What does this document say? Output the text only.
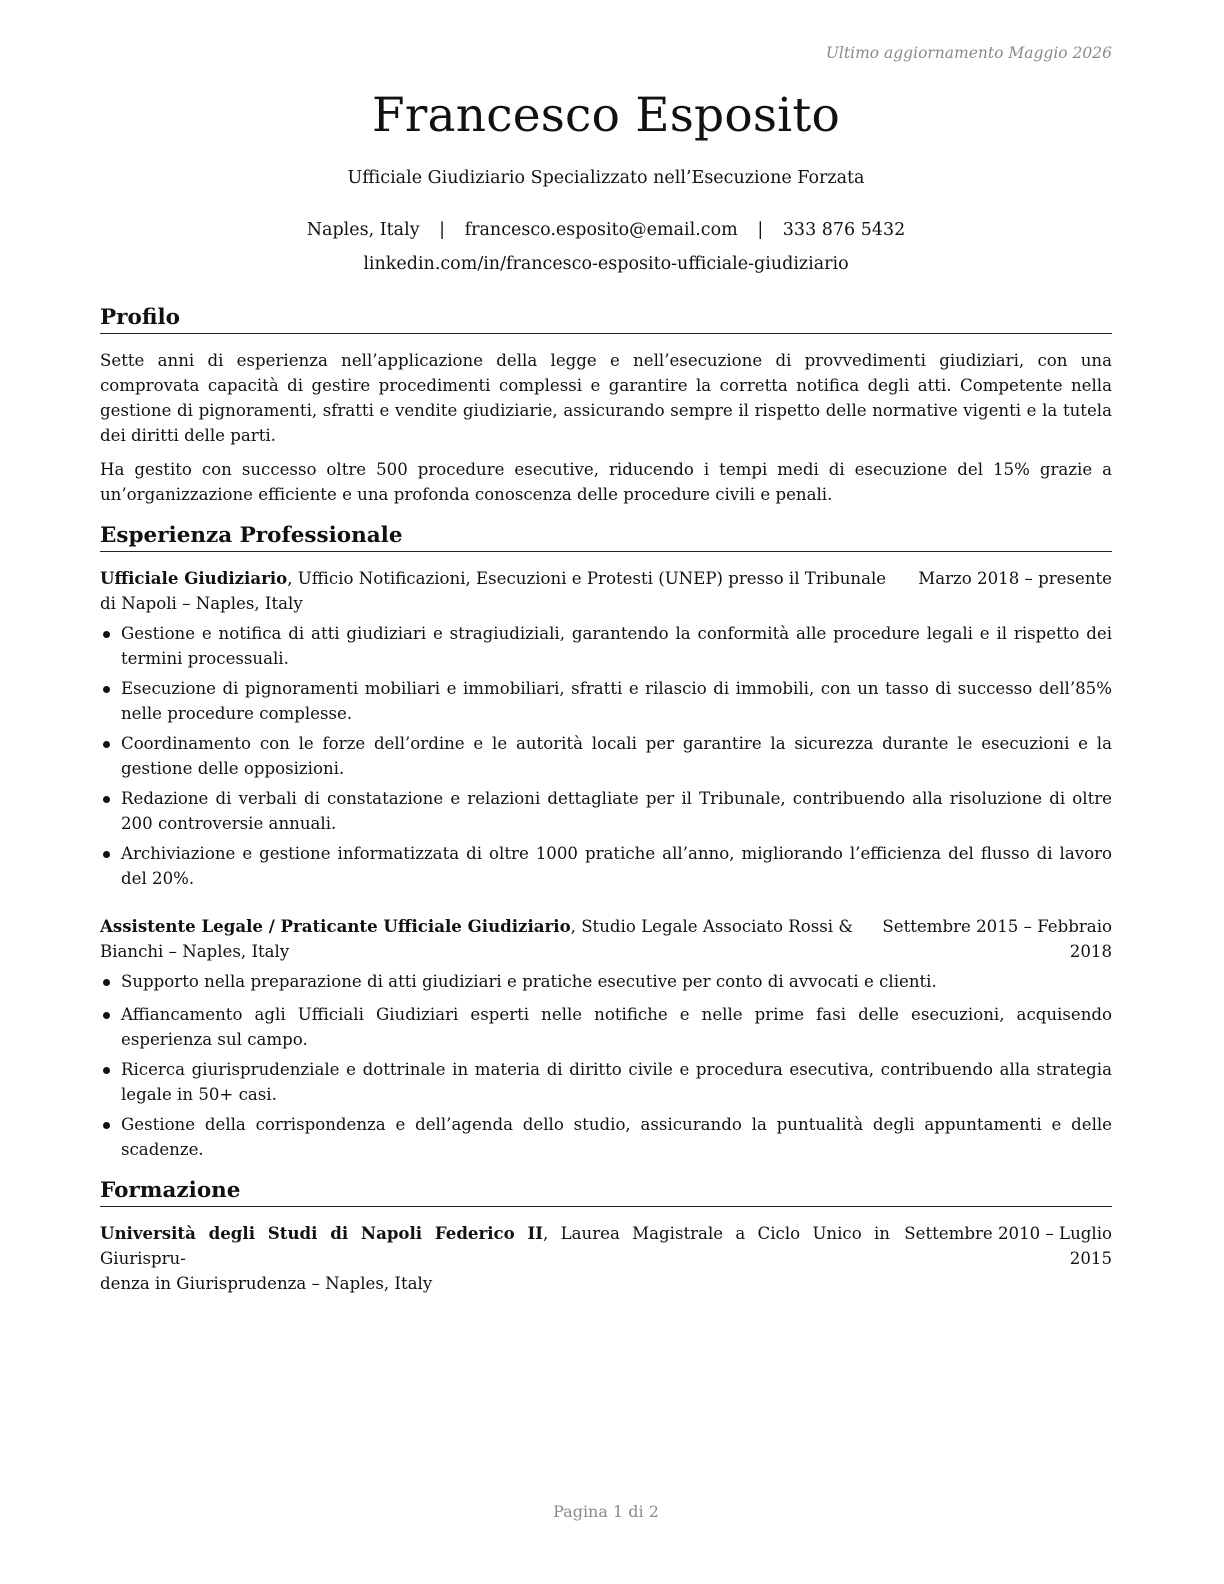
Ultimo aggiornamento Maggio 2026
Francesco Esposito
Ufficiale Giudiziario Specializzato nell’Esecuzione Forzata
Naples, Italy | francesco.esposito@email.com | 333 876 5432
linkedin.com/in/francesco-esposito-ufficiale-giudiziario
Profilo

Sette anni di esperienza nell’applicazione della legge e nell’esecuzione di provvedimenti giudiziari, con una comprovata capacità di gestire procedimenti complessi e garantire la corretta notifica degli atti. Competente nella gestione di pignoramenti, sfratti e vendite giudiziarie, assicurando sempre il rispetto delle normative vigenti e la tutela dei diritti delle parti.

Ha gestito con successo oltre 500 procedure esecutive, riducendo i tempi medi di esecuzione del 15% grazie a un’organizzazione efficiente e una profonda conoscenza delle procedure civili e penali.

Esperienza Professionale
Ufficiale Giudiziario, Ufficio Notificazioni, Esecuzioni e Protesti (UNEP) presso il Tribunale
di Napoli – Naples, Italy
Marzo 2018 – presente
Gestione e notifica di atti giudiziari e stragiudiziali, garantendo la conformità alle procedure legali e il rispetto dei termini processuali.
Esecuzione di pignoramenti mobiliari e immobiliari, sfratti e rilascio di immobili, con un tasso di successo dell’85% nelle procedure complesse.
Coordinamento con le forze dell’ordine e le autorità locali per garantire la sicurezza durante le esecuzioni e la gestione delle opposizioni.
Redazione di verbali di constatazione e relazioni dettagliate per il Tribunale, contribuendo alla risoluzione di oltre 200 controversie annuali.
Archiviazione e gestione informatizzata di oltre 1000 pratiche all’anno, migliorando l’efficienza del flusso di lavoro del 20%.
Assistente Legale / Praticante Ufficiale Giudiziario, Studio Legale Associato Rossi &
Bianchi – Naples, Italy
Settembre 2015 – Febbraio
2018
Supporto nella preparazione di atti giudiziari e pratiche esecutive per conto di avvocati e clienti.
Affiancamento agli Ufficiali Giudiziari esperti nelle notifiche e nelle prime fasi delle esecuzioni, acquisendo esperienza sul campo.
Ricerca giurisprudenziale e dottrinale in materia di diritto civile e procedura esecutiva, contribuendo alla strategia legale in 50+ casi.
Gestione della corrispondenza e dell’agenda dello studio, assicurando la puntualità degli appuntamenti e delle scadenze.
Formazione
Università degli Studi di Napoli Federico II, Laurea Magistrale a Ciclo Unico in Giurispru-
denza in Giurisprudenza – Naples, Italy
Settembre 2010 – Luglio
2015
Pagina 1 di 2
